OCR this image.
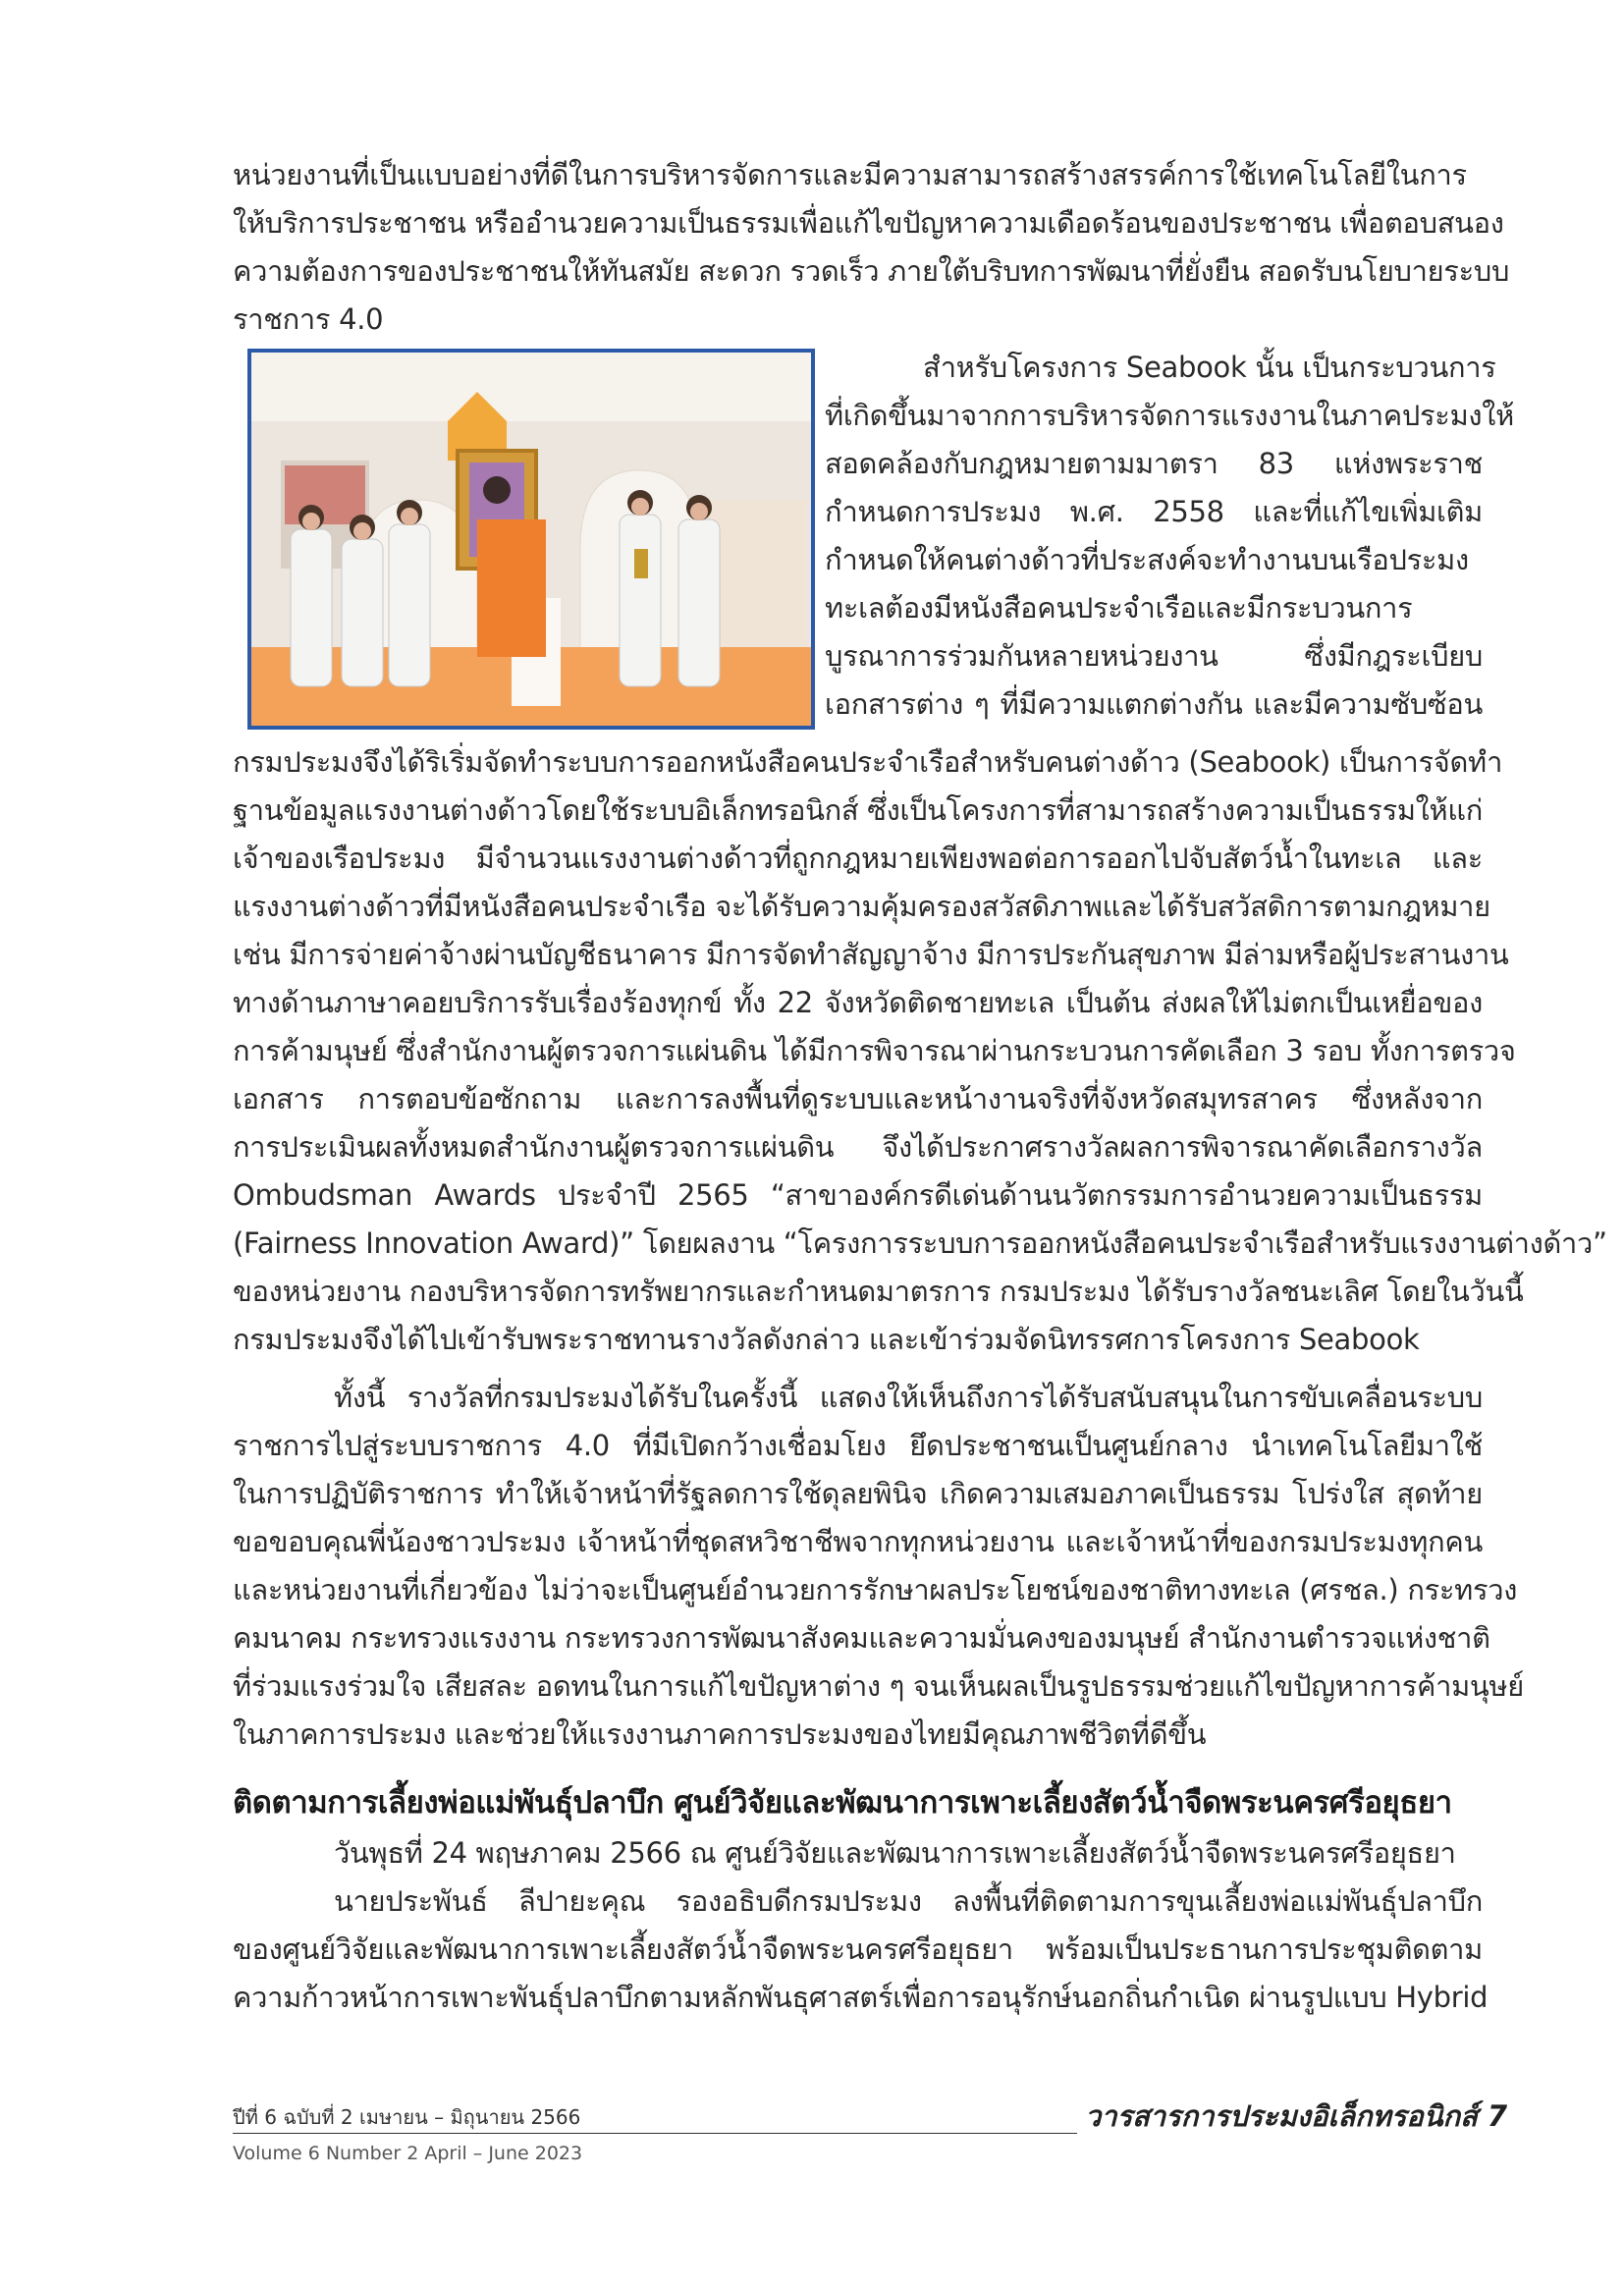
หน่วยงานที่เป็นแบบอย่างที่ดีในการบริหารจัดการและมีความสามารถสร้างสรรค์การใช้เทคโนโลยีในการ
ให้บริการประชาชน หรืออำนวยความเป็นธรรมเพื่อแก้ไขปัญหาความเดือดร้อนของประชาชน เพื่อตอบสนอง
ความต้องการของประชาชนให้ทันสมัย สะดวก รวดเร็ว ภายใต้บริบทการพัฒนาที่ยั่งยืน สอดรับนโยบายระบบ
ราชการ 4.0
สำหรับโครงการ Seabook นั้น เป็นกระบวนการ
ที่เกิดขึ้นมาจากการบริหารจัดการแรงงานในภาคประมงให้
สอดคล้องกับกฎหมายตามมาตรา 83 แห่งพระราช
กำหนดการประมง พ.ศ. 2558 และที่แก้ไขเพิ่มเติม
กำหนดให้คนต่างด้าวที่ประสงค์จะทำงานบนเรือประมง
ทะเลต้องมีหนังสือคนประจำเรือและมีกระบวนการ
บูรณาการร่วมกันหลายหน่วยงาน ซึ่งมีกฎระเบียบ
เอกสารต่าง ๆ ที่มีความแตกต่างกัน และมีความซับซ้อน
กรมประมงจึงได้ริเริ่มจัดทำระบบการออกหนังสือคนประจำเรือสำหรับคนต่างด้าว (Seabook) เป็นการจัดทำ
ฐานข้อมูลแรงงานต่างด้าวโดยใช้ระบบอิเล็กทรอนิกส์ ซึ่งเป็นโครงการที่สามารถสร้างความเป็นธรรมให้แก่
เจ้าของเรือประมง มีจำนวนแรงงานต่างด้าวที่ถูกกฎหมายเพียงพอต่อการออกไปจับสัตว์น้ำในทะเล และ
แรงงานต่างด้าวที่มีหนังสือคนประจำเรือ จะได้รับความคุ้มครองสวัสดิภาพและได้รับสวัสดิการตามกฎหมาย
เช่น มีการจ่ายค่าจ้างผ่านบัญชีธนาคาร มีการจัดทำสัญญาจ้าง มีการประกันสุขภาพ มีล่ามหรือผู้ประสานงาน
ทางด้านภาษาคอยบริการรับเรื่องร้องทุกข์ ทั้ง 22 จังหวัดติดชายทะเล เป็นต้น ส่งผลให้ไม่ตกเป็นเหยื่อของ
การค้ามนุษย์ ซึ่งสำนักงานผู้ตรวจการแผ่นดิน ได้มีการพิจารณาผ่านกระบวนการคัดเลือก 3 รอบ ทั้งการตรวจ
เอกสาร การตอบข้อซักถาม และการลงพื้นที่ดูระบบและหน้างานจริงที่จังหวัดสมุทรสาคร ซึ่งหลังจาก
การประเมินผลทั้งหมดสำนักงานผู้ตรวจการแผ่นดิน จึงได้ประกาศรางวัลผลการพิจารณาคัดเลือกรางวัล
Ombudsman Awards ประจำปี 2565 “สาขาองค์กรดีเด่นด้านนวัตกรรมการอำนวยความเป็นธรรม
(Fairness Innovation Award)” โดยผลงาน “โครงการระบบการออกหนังสือคนประจำเรือสำหรับแรงงานต่างด้าว”
ของหน่วยงาน กองบริหารจัดการทรัพยากรและกำหนดมาตรการ กรมประมง ได้รับรางวัลชนะเลิศ โดยในวันนี้
กรมประมงจึงได้ไปเข้ารับพระราชทานรางวัลดังกล่าว และเข้าร่วมจัดนิทรรศการโครงการ Seabook
ทั้งนี้ รางวัลที่กรมประมงได้รับในครั้งนี้ แสดงให้เห็นถึงการได้รับสนับสนุนในการขับเคลื่อนระบบ
ราชการไปสู่ระบบราชการ 4.0 ที่มีเปิดกว้างเชื่อมโยง ยึดประชาชนเป็นศูนย์กลาง นำเทคโนโลยีมาใช้
ในการปฏิบัติราชการ ทำให้เจ้าหน้าที่รัฐลดการใช้ดุลยพินิจ เกิดความเสมอภาคเป็นธรรม โปร่งใส สุดท้าย
ขอขอบคุณพี่น้องชาวประมง เจ้าหน้าที่ชุดสหวิชาชีพจากทุกหน่วยงาน และเจ้าหน้าที่ของกรมประมงทุกคน
และหน่วยงานที่เกี่ยวข้อง ไม่ว่าจะเป็นศูนย์อำนวยการรักษาผลประโยชน์ของชาติทางทะเล (ศรชล.) กระทรวง
คมนาคม กระทรวงแรงงาน กระทรวงการพัฒนาสังคมและความมั่นคงของมนุษย์ สำนักงานตำรวจแห่งชาติ
ที่ร่วมแรงร่วมใจ เสียสละ อดทนในการแก้ไขปัญหาต่าง ๆ จนเห็นผลเป็นรูปธรรมช่วยแก้ไขปัญหาการค้ามนุษย์
ในภาคการประมง และช่วยให้แรงงานภาคการประมงของไทยมีคุณภาพชีวิตที่ดีขึ้น
ติดตามการเลี้ยงพ่อแม่พันธุ์ปลาบึก ศูนย์วิจัยและพัฒนาการเพาะเลี้ยงสัตว์น้ำจืดพระนครศรีอยุธยา
วันพุธที่ 24 พฤษภาคม 2566 ณ ศูนย์วิจัยและพัฒนาการเพาะเลี้ยงสัตว์น้ำจืดพระนครศรีอยุธยา
นายประพันธ์ ลีปายะคุณ รองอธิบดีกรมประมง ลงพื้นที่ติดตามการขุนเลี้ยงพ่อแม่พันธุ์ปลาบึก
ของศูนย์วิจัยและพัฒนาการเพาะเลี้ยงสัตว์น้ำจืดพระนครศรีอยุธยา พร้อมเป็นประธานการประชุมติดตาม
ความก้าวหน้าการเพาะพันธุ์ปลาบึกตามหลักพันธุศาสตร์เพื่อการอนุรักษ์นอกถิ่นกำเนิด ผ่านรูปแบบ Hybrid
ปีที่ 6 ฉบับที่ 2 เมษายน – มิถุนายน 2566
Volume 6 Number 2 April – June 2023
วารสารการประมงอิเล็กทรอนิกส์ 7
